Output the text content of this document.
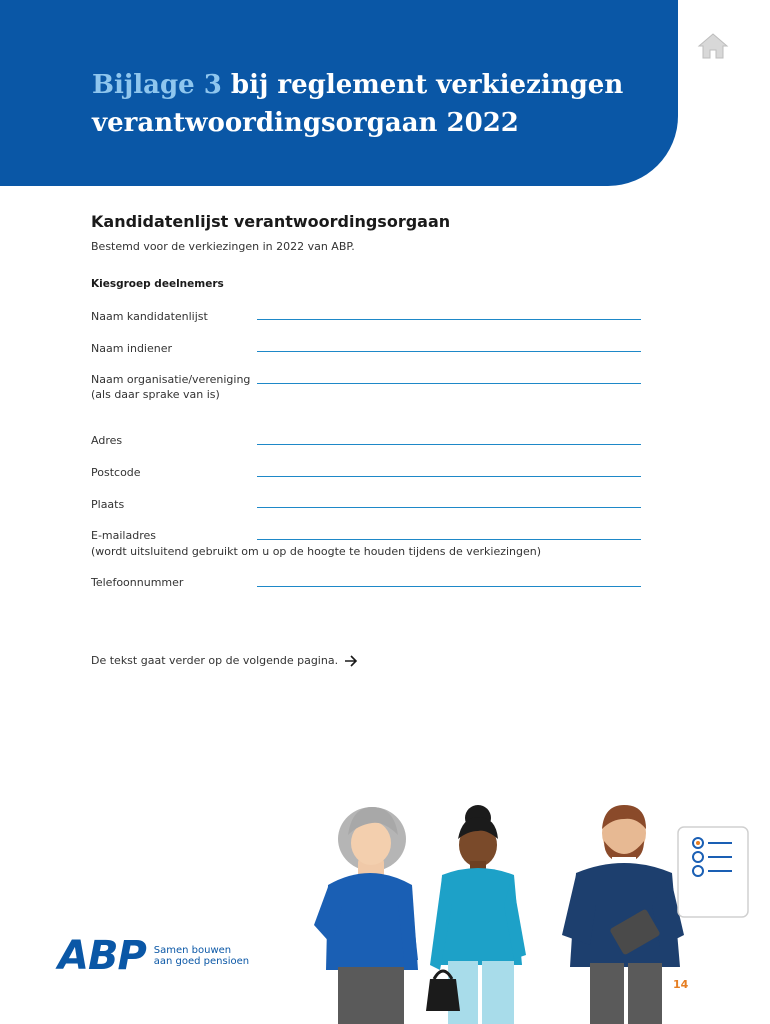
Bijlage 3 bij reglement verkiezingen verantwoordingsorgaan 2022
Kandidatenlijst verantwoordingsorgaan
Bestemd voor de verkiezingen in 2022 van ABP.
Kiesgroep deelnemers
Naam kandidatenlijst
Naam indiener
Naam organisatie/vereniging
(als daar sprake van is)
Adres
Postcode
Plaats
E-mailadres
(wordt uitsluitend gebruikt om u op de hoogte te houden tijdens de verkiezingen)
Telefoonnummer
De tekst gaat verder op de volgende pagina.
ABP Samen bouwen
aan goed pensioen
14
